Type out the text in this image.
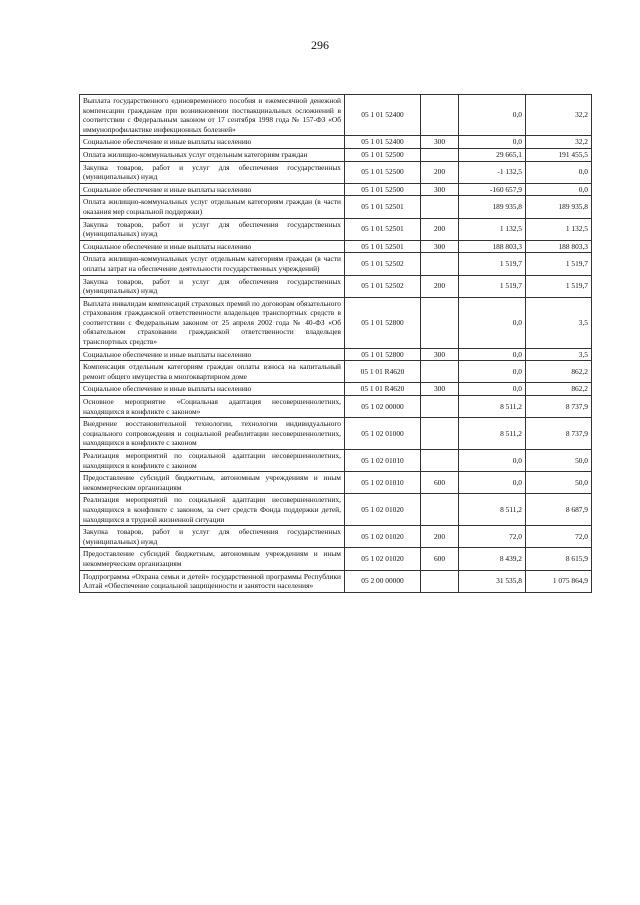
296
Выплата государственного единовременного пособия и ежемесячной денежной компенсации гражданам при возникновении поствакцинальных осложнений в соответствии с Федеральным законом от 17 сентября 1998 года № 157-ФЗ «Об иммунопрофилактике инфекционных болезней»	05 1 01 52400		0,0	32,2
Социальное обеспечение и иные выплаты населению	05 1 01 52400	300	0,0	32,2
Оплата жилищно-коммунальных услуг отдельным категориям граждан	05 1 01 52500		29 665,1	191 455,5
Закупка товаров, работ и услуг для обеспечения государственных (муниципальных) нужд	05 1 01 52500	200	-1 132,5	0,0
Социальное обеспечение и иные выплаты населению	05 1 01 52500	300	-160 657,9	0,0
Оплата жилищно-коммунальных услуг отдельным категориям граждан (в части оказания мер социальной поддержки)	05 1 01 52501		189 935,8	189 935,8
Закупка товаров, работ и услуг для обеспечения государственных (муниципальных) нужд	05 1 01 52501	200	1 132,5	1 132,5
Социальное обеспечение и иные выплаты населению	05 1 01 52501	300	188 803,3	188 803,3
Оплата жилищно-коммунальных услуг отдельным категориям граждан (в части оплаты затрат на обеспечение деятельности государственных учреждений)	05 1 01 52502		1 519,7	1 519,7
Закупка товаров, работ и услуг для обеспечения государственных (муниципальных) нужд	05 1 01 52502	200	1 519,7	1 519,7
Выплата инвалидам компенсаций страховых премий по договорам обязательного страхования гражданской ответственности владельцев транспортных средств в соответствии с Федеральным законом от 25 апреля 2002 года № 40-ФЗ «Об обязательном страховании гражданской ответственности владельцев транспортных средств»	05 1 01 52800		0,0	3,5
Социальное обеспечение и иные выплаты населению	05 1 01 52800	300	0,0	3,5
Компенсация отдельным категориям граждан оплаты взноса на капитальный ремонт общего имущества в многоквартирном доме	05 1 01 R4620		0,0	862,2
Социальное обеспечение и иные выплаты населению	05 1 01 R4620	300	0,0	862,2
Основное мероприятие «Социальная адаптация несовершеннолетних, находящихся в конфликте с законом»	05 1 02 00000		8 511,2	8 737,9
Внедрение восстановительной технологии, технологии индивидуального социального сопровождения и социальной реабилитации несовершеннолетних, находящихся в конфликте с законом	05 1 02 01000		8 511,2	8 737,9
Реализация мероприятий по социальной адаптации несовершеннолетних, находящихся в конфликте с законом	05 1 02 01010		0,0	50,0
Предоставление субсидий бюджетным, автономным учреждениям и иным некоммерческим организациям	05 1 02 01010	600	0,0	50,0
Реализация мероприятий по социальной адаптации несовершеннолетних, находящихся в конфликте с законом, за счет средств Фонда поддержки детей, находящихся в трудной жизненной ситуации	05 1 02 01020		8 511,2	8 687,9
Закупка товаров, работ и услуг для обеспечения государственных (муниципальных) нужд	05 1 02 01020	200	72,0	72,0
Предоставление субсидий бюджетным, автономным учреждениям и иным некоммерческим организациям	05 1 02 01020	600	8 439,2	8 615,9
Подпрограмма «Охрана семьи и детей» государственной программы Республики Алтай «Обеспечение социальной защищенности и занятости населения»	05 2 00 00000		31 535,8	1 075 864,9
